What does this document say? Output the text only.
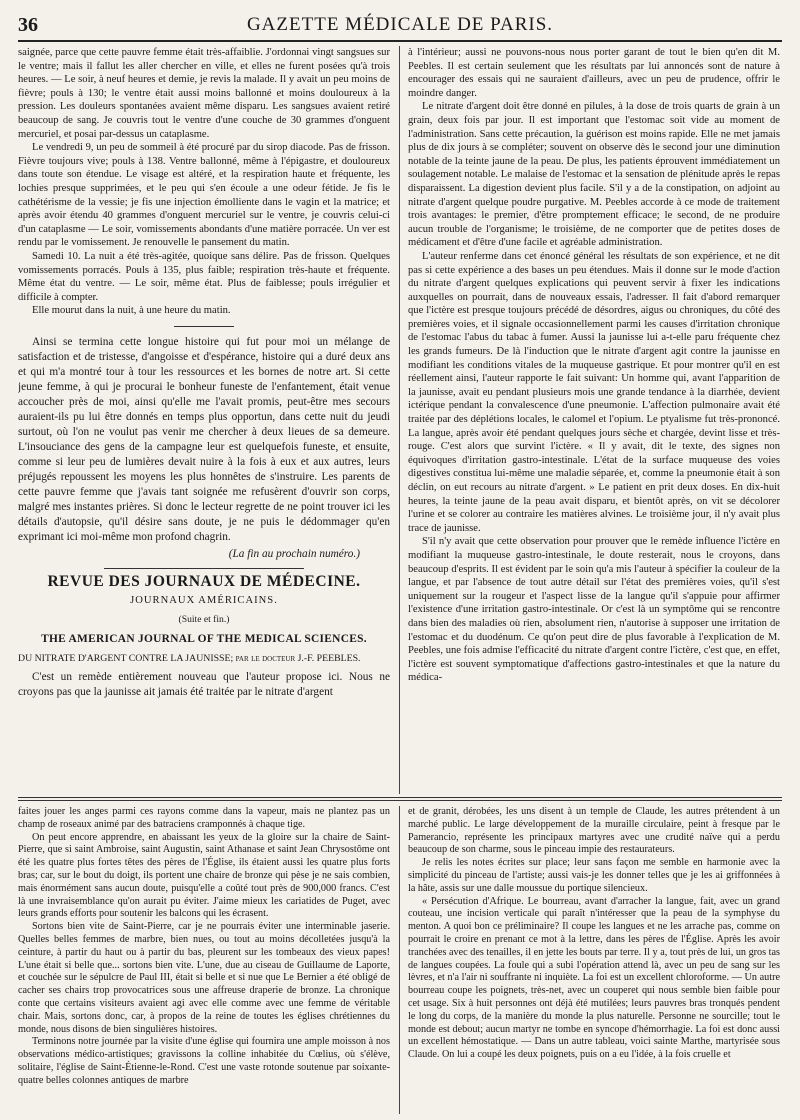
36	GAZETTE MÉDICALE DE PARIS.

saignée, parce que cette pauvre femme était très-affaiblie. J'ordonnai vingt sangsues sur le ventre; mais il fallut les aller chercher en ville, et elles ne furent posées qu'à trois heures. — Le soir, à neuf heures et demie, je revis la malade. Il y avait un peu moins de fièvre; pouls à 130; le ventre était aussi moins ballonné et moins douloureux à la pression. Les douleurs spontanées avaient même disparu. Les sangsues avaient retiré beaucoup de sang. Je couvris tout le ventre d'une couche de 30 grammes d'onguent mercuriel, et posai par-dessus un cataplasme.

Le vendredi 9, un peu de sommeil à été procuré par du sirop diacode. Pas de frisson. Fièvre toujours vive; pouls à 138. Ventre ballonné, même à l'épigastre, et douloureux dans toute son étendue. Le visage est altéré, et la respiration haute et fréquente, les lochies presque supprimées, et le peu qui s'en écoule a une odeur fétide. Je fis le cathétérisme de la vessie; je fis une injection émolliente dans le vagin et la matrice; et après avoir étendu 40 grammes d'onguent mercuriel sur le ventre, je couvris celui-ci d'un cataplasme — Le soir, vomissements abondants d'une matière porracée. Un ver est rendu par le vomissement. Je renouvelle le pansement du matin.

Samedi 10. La nuit a été très-agitée, quoique sans délire. Pas de frisson. Quelques vomissements porracés. Pouls à 135, plus faible; respiration très-haute et fréquente. Même état du ventre. — Le soir, même état. Plus de faiblesse; pouls irrégulier et difficile à compter.

Elle mourut dans la nuit, à une heure du matin.

Ainsi se termina cette longue histoire qui fut pour moi un mélange de satisfaction et de tristesse, d'angoisse et d'espérance, histoire qui a duré deux ans et qui m'a montré tour à tour les ressources et les bornes de notre art. Si cette jeune femme, à qui je procurai le bonheur funeste de l'enfantement, était venue accoucher près de moi, ainsi qu'elle me l'avait promis, peut-être mes secours auraient-ils pu lui être donnés en temps plus opportun, dans cette nuit du jeudi surtout, où l'on ne voulut pas venir me chercher à deux lieues de sa demeure. L'insouciance des gens de la campagne leur est quelquefois funeste, et ensuite, comme si leur peu de lumières devait nuire à la fois à eux et aux autres, leurs préjugés repoussent les moyens les plus honnêtes de s'instruire. Les parents de cette pauvre femme que j'avais tant soignée me refusèrent d'ouvrir son corps, malgré mes instantes prières. Si donc le lecteur regrette de ne point trouver ici les détails d'autopsie, qu'il désire sans doute, je ne puis le dédommager qu'en exprimant ici moi-même mon profond chagrin.

(La fin au prochain numéro.)
REVUE DES JOURNAUX DE MÉDECINE.
JOURNAUX AMÉRICAINS.
(Suite et fin.)
THE AMERICAN JOURNAL OF THE MEDICAL SCIENCES.

DU NITRATE D'ARGENT CONTRE LA JAUNISSE; par le docteur J.-F. PEEBLES.

C'est un remède entièrement nouveau que l'auteur propose ici. Nous ne croyons pas que la jaunisse ait jamais été traitée par le nitrate d'argent

à l'intérieur; aussi ne pouvons-nous nous porter garant de tout le bien qu'en dit M. Peebles. Il est certain seulement que les résultats par lui annoncés sont de nature à encourager des essais qui ne sauraient d'ailleurs, avec un peu de prudence, offrir le moindre danger.

Le nitrate d'argent doit être donné en pilules, à la dose de trois quarts de grain à un grain, deux fois par jour. Il est important que l'estomac soit vide au moment de l'administration. Sans cette précaution, la guérison est moins rapide. Elle ne met jamais plus de dix jours à se compléter; souvent on observe dès le second jour une diminution notable de la teinte jaune de la peau. De plus, les patients éprouvent immédiatement un soulagement notable. Le malaise de l'estomac et la sensation de plénitude après le repas disparaissent. La digestion devient plus facile. S'il y a de la constipation, on adjoint au nitrate d'argent quelque poudre purgative. M. Peebles accorde à ce mode de traitement trois avantages: le premier, d'être promptement efficace; le second, de ne produire aucun trouble de l'organisme; le troisième, de ne comporter que de petites doses de médicament et d'être d'une facile et agréable administration.

L'auteur renferme dans cet énoncé général les résultats de son expérience, et ne dit pas si cette expérience a des bases un peu étendues. Mais il donne sur le mode d'action du nitrate d'argent quelques explications qui peuvent servir à fixer les indications auxquelles on pourrait, dans de nouveaux essais, l'adresser. Il fait d'abord remarquer que l'ictère est presque toujours précédé de désordres, aigus ou chroniques, du côté des premières voies, et il signale occasionnellement parmi les causes d'irritation chronique de l'estomac l'abus du tabac à fumer. Aussi la jaunisse lui a-t-elle paru fréquente chez les grands fumeurs. De là l'induction que le nitrate d'argent agit contre la jaunisse en modifiant les conditions vitales de la muqueuse gastrique. Et pour montrer qu'il en est réellement ainsi, l'auteur rapporte le fait suivant: Un homme qui, avant l'apparition de la jaunisse, avait eu pendant plusieurs mois une grande tendance à la diarrhée, devient ictérique pendant la convalescence d'une pneumonie. L'affection pulmonaire avait été traitée par des déplétions locales, le calomel et l'opium. Le ptyalisme fut très-prononcé. La langue, après avoir été pendant quelques jours sèche et chargée, devint lisse et très-rouge. C'est alors que survint l'ictère. « Il y avait, dit le texte, des signes non équivoques d'irritation gastro-intestinale. L'état de la surface muqueuse des voies digestives constitua lui-même une maladie séparée, et, comme la pneumonie était à son déclin, on eut recours au nitrate d'argent. » Le patient en prit deux doses. En dix-huit heures, la teinte jaune de la peau avait disparu, et bientôt après, on vit se décolorer l'urine et se colorer au contraire les matières alvines. Le troisième jour, il n'y avait plus trace de jaunisse.

S'il n'y avait que cette observation pour prouver que le remède influence l'ictère en modifiant la muqueuse gastro-intestinale, le doute resterait, nous le croyons, dans beaucoup d'esprits. Il est évident par le soin qu'a mis l'auteur à spécifier la couleur de la langue, et par l'absence de tout autre détail sur l'état des premières voies, qu'il s'est uniquement sur la rougeur et l'aspect lisse de la langue qu'il s'appuie pour affirmer l'existence d'une irritation gastro-intestinale. Or c'est là un symptôme qui se rencontre dans bien des maladies où rien, absolument rien, n'autorise à supposer une irritation de l'estomac et du duodénum. Ce qu'on peut dire de plus favorable à l'explication de M. Peebles, une fois admise l'efficacité du nitrate d'argent contre l'ictère, c'est que, en effet, l'ictère est souvent symptomatique d'affections gastro-intestinales et que la nature du médica-

faites jouer les anges parmi ces rayons comme dans la vapeur, mais ne plantez pas un champ de roseaux animé par des batraciens cramponnés à chaque tige.

On peut encore apprendre, en abaissant les yeux de la gloire sur la chaire de Saint-Pierre, que si saint Ambroise, saint Augustin, saint Athanase et saint Jean Chrysostôme ont été les quatre plus fortes têtes des pères de l'Église, ils étaient aussi les quatre plus forts bras; car, sur le bout du doigt, ils portent une chaire de bronze qui pèse je ne sais combien, mais énormément sans aucun doute, puisqu'elle a coûté tout près de 900,000 francs. C'est là une invraisemblance qu'on aurait pu éviter. J'aime mieux les cariatides de Puget, avec leurs grands efforts pour soutenir les balcons qui les écrasent.

Sortons bien vite de Saint-Pierre, car je ne pourrais éviter une interminable jaserie. Quelles belles femmes de marbre, bien nues, ou tout au moins décolletées jusqu'à la ceinture, à partir du haut ou à partir du bas, pleurent sur les tombeaux des vieux papes! L'une était si belle que... sortons bien vite. L'une, due au ciseau de Guillaume de Laporte, et couchée sur le sépulcre de Paul III, était si belle et si nue que Le Bernier a été obligé de cacher ses chairs trop provocatrices sous une affreuse draperie de bronze. La chronique conte que certains visiteurs avaient agi avec elle comme avec une femme de véritable chair. Mais, sortons donc, car, à propos de la reine de toutes les églises chrétiennes du monde, nous disons de bien singulières histoires.

Terminons notre journée par la visite d'une église qui fournira une ample moisson à nos observations médico-artistiques; gravissons la colline inhabitée du Cœlius, où s'élève, solitaire, l'église de Saint-Étienne-le-Rond. C'est une vaste rotonde soutenue par soixante-quatre belles colonnes antiques de marbre

et de granit, dérobées, les uns disent à un temple de Claude, les autres prétendent à un marché public. Le large développement de la muraille circulaire, peint à fresque par le Pamerancio, représente les principaux martyres avec une crudité naïve qui a perdu beaucoup de son charme, sous le pinceau impie des restaurateurs.

Je relis les notes écrites sur place; leur sans façon me semble en harmonie avec la simplicité du pinceau de l'artiste; aussi vais-je les donner telles que je les ai griffonnées à la hâte, assis sur une dalle moussue du portique silencieux.

« Persécution d'Afrique. Le bourreau, avant d'arracher la langue, fait, avec un grand couteau, une incision verticale qui paraît n'intéresser que la peau de la symphyse du menton. A quoi bon ce préliminaire? Il coupe les langues et ne les arrache pas, comme on pourrait le croire en prenant ce mot à la lettre, dans les pères de l'Église. Après les avoir tranchées avec des tenailles, il en jette les bouts par terre. Il y a, tout près de lui, un gros tas de langues coupées. La foule qui a subi l'opération attend là, avec un peu de sang sur les lèvres, et n'a l'air ni souffrante ni inquiète. La foi est un excellent chloroforme. — Un autre bourreau coupe les poignets, très-net, avec un couperet qui nous semble bien faible pour cet usage. Six à huit personnes ont déjà été mutilées; leurs pauvres bras tronqués pendent le long du corps, de la manière du monde la plus naturelle. Personne ne sourcille; tout le monde est debout; aucun martyr ne tombe en syncope d'hémorrhagie. La foi est donc aussi un excellent hémostatique. — Dans un autre tableau, voici sainte Marthe, martyrisée sous Claude. On lui a coupé les deux poignets, puis on a eu l'idée, à la fois cruelle et
